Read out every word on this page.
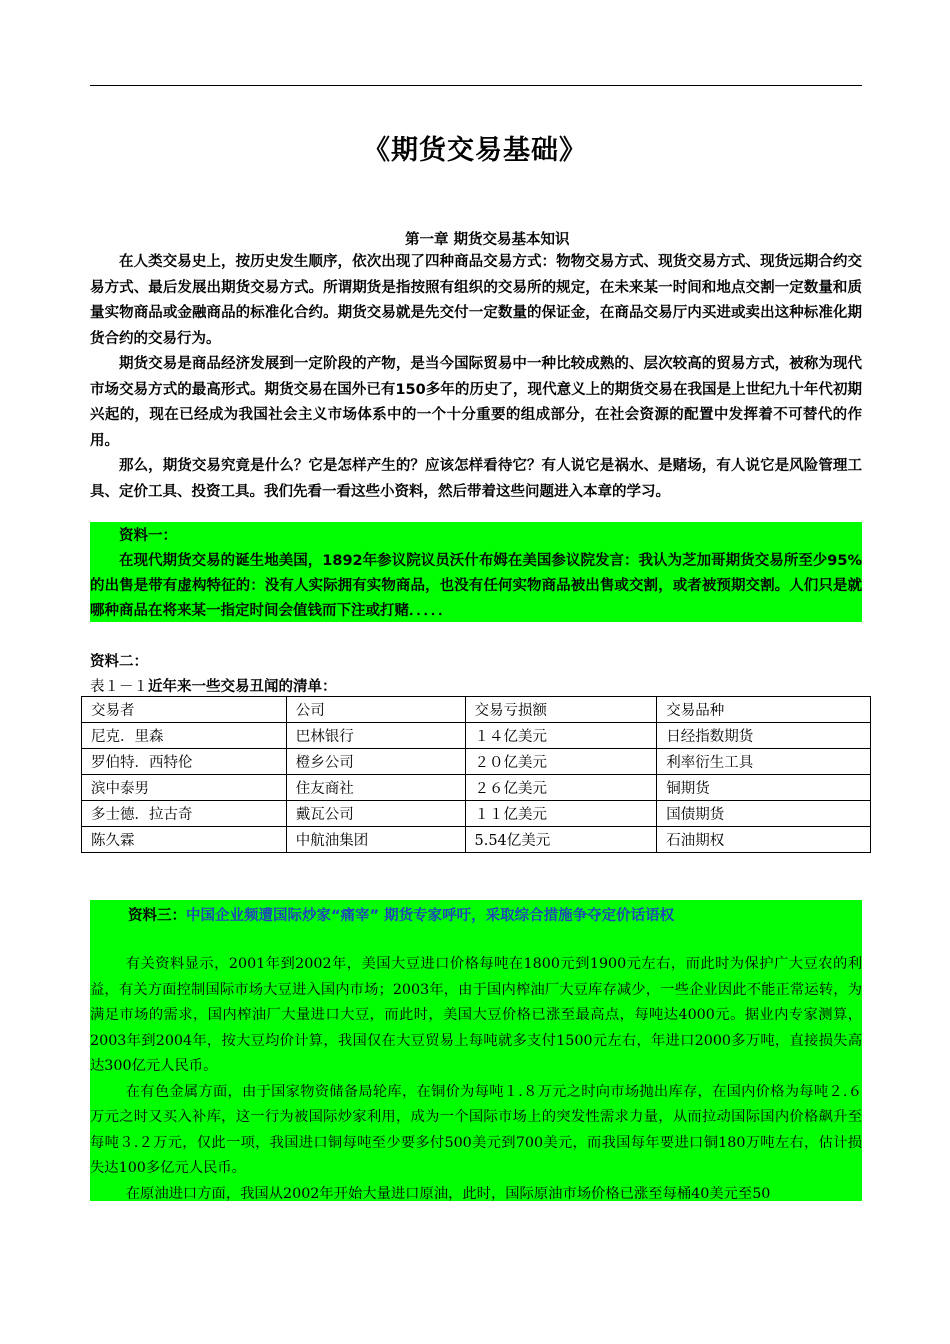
《期货交易基础》
第一章 期货交易基本知识

在人类交易史上，按历史发生顺序，依次出现了四种商品交易方式：物物交易方式、现货交易方式、现货远期合约交易方式、最后发展出期货交易方式。所谓期货是指按照有组织的交易所的规定，在未来某一时间和地点交割一定数量和质量实物商品或金融商品的标准化合约。期货交易就是先交付一定数量的保证金，在商品交易厅内买进或卖出这种标准化期货合约的交易行为。

期货交易是商品经济发展到一定阶段的产物，是当今国际贸易中一种比较成熟的、层次较高的贸易方式，被称为现代市场交易方式的最高形式。期货交易在国外已有150多年的历史了，现代意义上的期货交易在我国是上世纪九十年代初期兴起的，现在已经成为我国社会主义市场体系中的一个十分重要的组成部分，在社会资源的配置中发挥着不可替代的作用。

那么，期货交易究竟是什么？它是怎样产生的？应该怎样看待它？有人说它是祸水、是赌场，有人说它是风险管理工具、定价工具、投资工具。我们先看一看这些小资料，然后带着这些问题进入本章的学习。

资料一：

在现代期货交易的诞生地美国，1892年参议院议员沃什布姆在美国参议院发言：我认为芝加哥期货交易所至少95%的出售是带有虚构特征的：没有人实际拥有实物商品，也没有任何实物商品被出售或交割，或者被预期交割。人们只是就哪种商品在将来某一指定时间会值钱而下注或打赌．．．．．

资料二：
表１－１近年来一些交易丑闻的清单：
交易者	公司	交易亏损额	交易品种
尼克．里森	巴林银行	１４亿美元	日经指数期货
罗伯特．西特伦	橙乡公司	２０亿美元	利率衍生工具
滨中泰男	住友商社	２６亿美元	铜期货
多士德．拉古奇	戴瓦公司	１１亿美元	国债期货
陈久霖	中航油集团	5.54亿美元	石油期权
资料三：中国企业频遭国际炒家“痛宰” 期货专家呼吁，采取综合措施争夺定价话语权

有关资料显示，2001年到2002年，美国大豆进口价格每吨在1800元到1900元左右，而此时为保护广大豆农的利益，有关方面控制国际市场大豆进入国内市场；2003年，由于国内榨油厂大豆库存减少，一些企业因此不能正常运转，为满足市场的需求，国内榨油厂大量进口大豆，而此时，美国大豆价格已涨至最高点，每吨达4000元。据业内专家测算，2003年到2004年，按大豆均价计算，我国仅在大豆贸易上每吨就多支付1500元左右，年进口2000多万吨，直接损失高达300亿元人民币。

在有色金属方面，由于国家物资储备局轮库，在铜价为每吨１.８万元之时向市场抛出库存，在国内价格为每吨２.６万元之时又买入补库，这一行为被国际炒家利用，成为一个国际市场上的突发性需求力量，从而拉动国际国内价格飙升至每吨３.２万元，仅此一项，我国进口铜每吨至少要多付500美元到700美元，而我国每年要进口铜180万吨左右，估计损失达100多亿元人民币。

在原油进口方面，我国从2002年开始大量进口原油，此时，国际原油市场价格已涨至每桶40美元至50
